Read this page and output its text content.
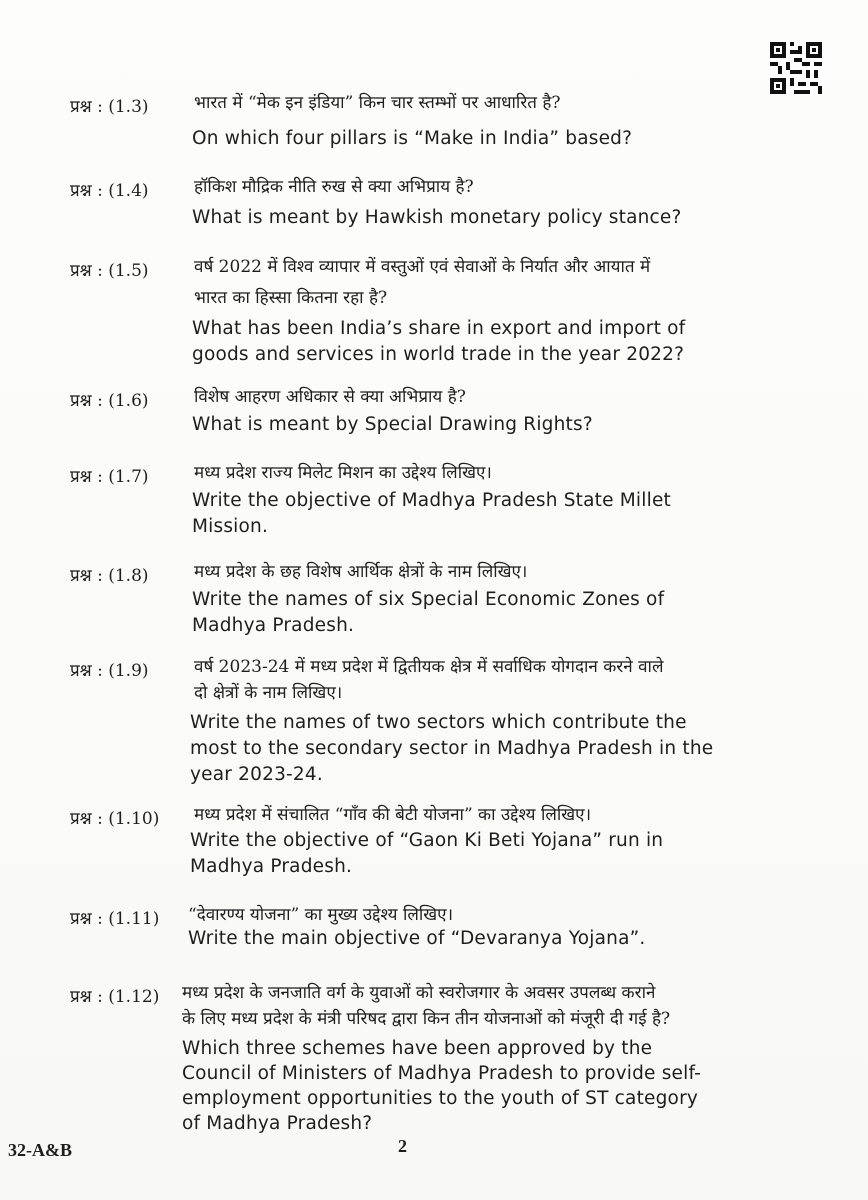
प्रश्न : (1.3)	भारत में “मेक इन इंडिया” किन चार स्तम्भों पर आधारित है?
On which four pillars is “Make in India” based?
प्रश्न : (1.4)	हॉकिश मौद्रिक नीति रुख से क्या अभिप्राय है?
What is meant by Hawkish monetary policy stance?
प्रश्न : (1.5)	वर्ष 2022 में विश्व व्यापार में वस्तुओं एवं सेवाओं के निर्यात और आयात में
भारत का हिस्सा कितना रहा है?
What has been India’s share in export and import of
goods and services in world trade in the year 2022?
प्रश्न : (1.6)	विशेष आहरण अधिकार से क्या अभिप्राय है?
What is meant by Special Drawing Rights?
प्रश्न : (1.7)	मध्य प्रदेश राज्य मिलेट मिशन का उद्देश्य लिखिए।
Write the objective of Madhya Pradesh State Millet
Mission.
प्रश्न : (1.8)	मध्य प्रदेश के छह विशेष आर्थिक क्षेत्रों के नाम लिखिए।
Write the names of six Special Economic Zones of
Madhya Pradesh.
प्रश्न : (1.9)	वर्ष 2023-24 में मध्य प्रदेश में द्वितीयक क्षेत्र में सर्वाधिक योगदान करने वाले
दो क्षेत्रों के नाम लिखिए।
Write the names of two sectors which contribute the
most to the secondary sector in Madhya Pradesh in the
year 2023-24.
प्रश्न : (1.10) मध्य प्रदेश में संचालित “गाँव की बेटी योजना” का उद्देश्य लिखिए।
Write the objective of “Gaon Ki Beti Yojana” run in
Madhya Pradesh.
प्रश्न : (1.11) “देवारण्य योजना” का मुख्य उद्देश्य लिखिए।
Write the main objective of “Devaranya Yojana”.
प्रश्न : (1.12) मध्य प्रदेश के जनजाति वर्ग के युवाओं को स्वरोजगार के अवसर उपलब्ध कराने
के लिए मध्य प्रदेश के मंत्री परिषद द्वारा किन तीन योजनाओं को मंजूरी दी गई है?
Which three schemes have been approved by the
Council of Ministers of Madhya Pradesh to provide self-
employment opportunities to the youth of ST category
of Madhya Pradesh?
32-A&B	2
